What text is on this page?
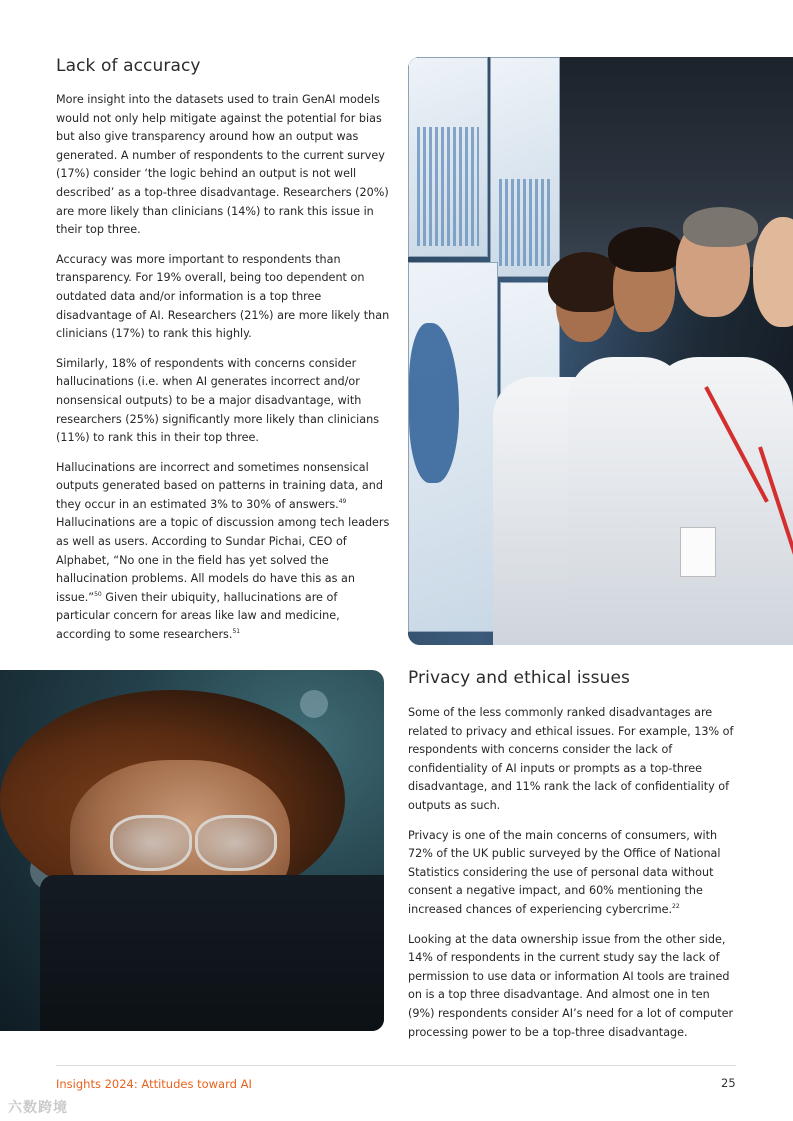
Lack of accuracy

More insight into the datasets used to train GenAI models would not only help mitigate against the potential for bias but also give transparency around how an output was generated. A number of respondents to the current survey (17%) consider ‘the logic behind an output is not well described’ as a top-three disadvantage. Researchers (20%) are more likely than clinicians (14%) to rank this issue in their top three.

Accuracy was more important to respondents than transparency. For 19% overall, being too dependent on outdated data and/or information is a top three disadvantage of AI. Researchers (21%) are more likely than clinicians (17%) to rank this highly.

Similarly, 18% of respondents with concerns consider hallucinations (i.e. when AI generates incorrect and/or nonsensical outputs) to be a major disadvantage, with researchers (25%) significantly more likely than clinicians (11%) to rank this in their top three.

Hallucinations are incorrect and sometimes nonsensical outputs generated based on patterns in training data, and they occur in an estimated 3% to 30% of answers.$^{49}$ Hallucinations are a topic of discussion among tech leaders as well as users. According to Sundar Pichai, CEO of Alphabet, “No one in the field has yet solved the hallucination problems. All models do have this as an issue.”$^{50}$ Given their ubiquity, hallucinations are of particular concern for areas like law and medicine, according to some researchers.$^{51}$

Privacy and ethical issues

Some of the less commonly ranked disadvantages are related to privacy and ethical issues. For example, 13% of respondents with concerns consider the lack of confidentiality of AI inputs or prompts as a top-three disadvantage, and 11% rank the lack of confidentiality of outputs as such.

Privacy is one of the main concerns of consumers, with 72% of the UK public surveyed by the Office of National Statistics considering the use of personal data without consent a negative impact, and 60% mentioning the increased chances of experiencing cybercrime.$^{22}$

Looking at the data ownership issue from the other side, 14% of respondents in the current study say the lack of permission to use data or information AI tools are trained on is a top three disadvantage. And almost one in ten (9%) respondents consider AI’s need for a lot of computer processing power to be a top-three disadvantage.

Insights 2024: Attitudes toward AI	25
六数跨境
